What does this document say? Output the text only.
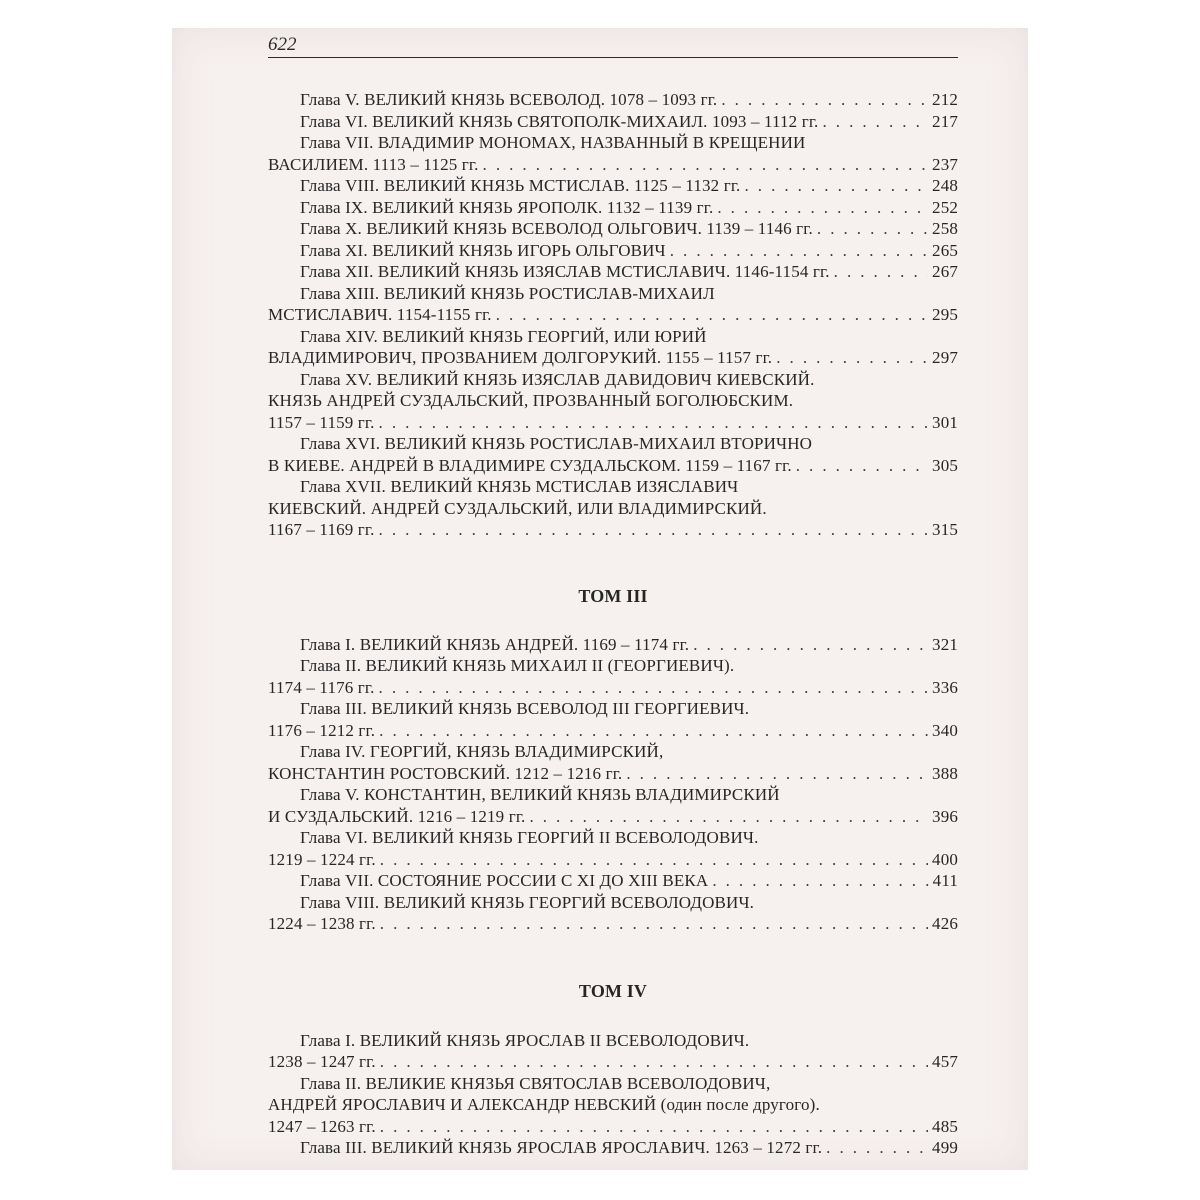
622
Глава V. ВЕЛИКИЙ КНЯЗЬ ВСЕВОЛОД. 1078 – 1093 гг. . . .	212
Глава VI. ВЕЛИКИЙ КНЯЗЬ СВЯТОПОЛК-МИХАИЛ. 1093 – 1112 гг. . . .	217
Глава VII. ВЛАДИМИР МОНОМАХ, НАЗВАННЫЙ В КРЕЩЕНИИ
ВАСИЛИЕМ. 1113 – 1125 гг. . . .	237
Глава VIII. ВЕЛИКИЙ КНЯЗЬ МСТИСЛАВ. 1125 – 1132 гг. . . .	248
Глава IX. ВЕЛИКИЙ КНЯЗЬ ЯРОПОЛК. 1132 – 1139 гг. . . .	252
Глава X. ВЕЛИКИЙ КНЯЗЬ ВСЕВОЛОД ОЛЬГОВИЧ. 1139 – 1146 гг. . . .	258
Глава XI. ВЕЛИКИЙ КНЯЗЬ ИГОРЬ ОЛЬГОВИЧ . . .	265
Глава XII. ВЕЛИКИЙ КНЯЗЬ ИЗЯСЛАВ МСТИСЛАВИЧ. 1146-1154 гг. . . .	267
Глава XIII. ВЕЛИКИЙ КНЯЗЬ РОСТИСЛАВ-МИХАИЛ
МСТИСЛАВИЧ. 1154-1155 гг. . . .	295
Глава XIV. ВЕЛИКИЙ КНЯЗЬ ГЕОРГИЙ, ИЛИ ЮРИЙ
ВЛАДИМИРОВИЧ, ПРОЗВАНИЕМ ДОЛГОРУКИЙ. 1155 – 1157 гг. . . .	297
Глава XV. ВЕЛИКИЙ КНЯЗЬ ИЗЯСЛАВ ДАВИДОВИЧ КИЕВСКИЙ.
КНЯЗЬ АНДРЕЙ СУЗДАЛЬСКИЙ, ПРОЗВАННЫЙ БОГОЛЮБСКИМ.
1157 – 1159 гг. . . .	301
Глава XVI. ВЕЛИКИЙ КНЯЗЬ РОСТИСЛАВ-МИХАИЛ ВТОРИЧНО
В КИЕВЕ. АНДРЕЙ В ВЛАДИМИРЕ СУЗДАЛЬСКОМ. 1159 – 1167 гг. . . .	305
Глава XVII. ВЕЛИКИЙ КНЯЗЬ МСТИСЛАВ ИЗЯСЛАВИЧ
КИЕВСКИЙ. АНДРЕЙ СУЗДАЛЬСКИЙ, ИЛИ ВЛАДИМИРСКИЙ.
1167 – 1169 гг. . . .	315
ТОМ III
Глава I. ВЕЛИКИЙ КНЯЗЬ АНДРЕЙ. 1169 – 1174 гг. . . .	321
Глава II. ВЕЛИКИЙ КНЯЗЬ МИХАИЛ II (ГЕОРГИЕВИЧ).
1174 – 1176 гг. . . .	336
Глава III. ВЕЛИКИЙ КНЯЗЬ ВСЕВОЛОД III ГЕОРГИЕВИЧ.
1176 – 1212 гг. . . .	340
Глава IV. ГЕОРГИЙ, КНЯЗЬ ВЛАДИМИРСКИЙ,
КОНСТАНТИН РОСТОВСКИЙ. 1212 – 1216 гг. . . .	388
Глава V. КОНСТАНТИН, ВЕЛИКИЙ КНЯЗЬ ВЛАДИМИРСКИЙ
И СУЗДАЛЬСКИЙ. 1216 – 1219 гг. . . .	396
Глава VI. ВЕЛИКИЙ КНЯЗЬ ГЕОРГИЙ II ВСЕВОЛОДОВИЧ.
1219 – 1224 гг. . . .	400
Глава VII. СОСТОЯНИЕ РОССИИ С XI ДО XIII ВЕКА . . .	411
Глава VIII. ВЕЛИКИЙ КНЯЗЬ ГЕОРГИЙ ВСЕВОЛОДОВИЧ.
1224 – 1238 гг. . . .	426
ТОМ IV
Глава I. ВЕЛИКИЙ КНЯЗЬ ЯРОСЛАВ II ВСЕВОЛОДОВИЧ.
1238 – 1247 гг. . . .	457
Глава II. ВЕЛИКИЕ КНЯЗЬЯ СВЯТОСЛАВ ВСЕВОЛОДОВИЧ,
АНДРЕЙ ЯРОСЛАВИЧ И АЛЕКСАНДР НЕВСКИЙ (один после другого).
1247 – 1263 гг. . . .	485
Глава III. ВЕЛИКИЙ КНЯЗЬ ЯРОСЛАВ ЯРОСЛАВИЧ. 1263 – 1272 гг. . . .	499
